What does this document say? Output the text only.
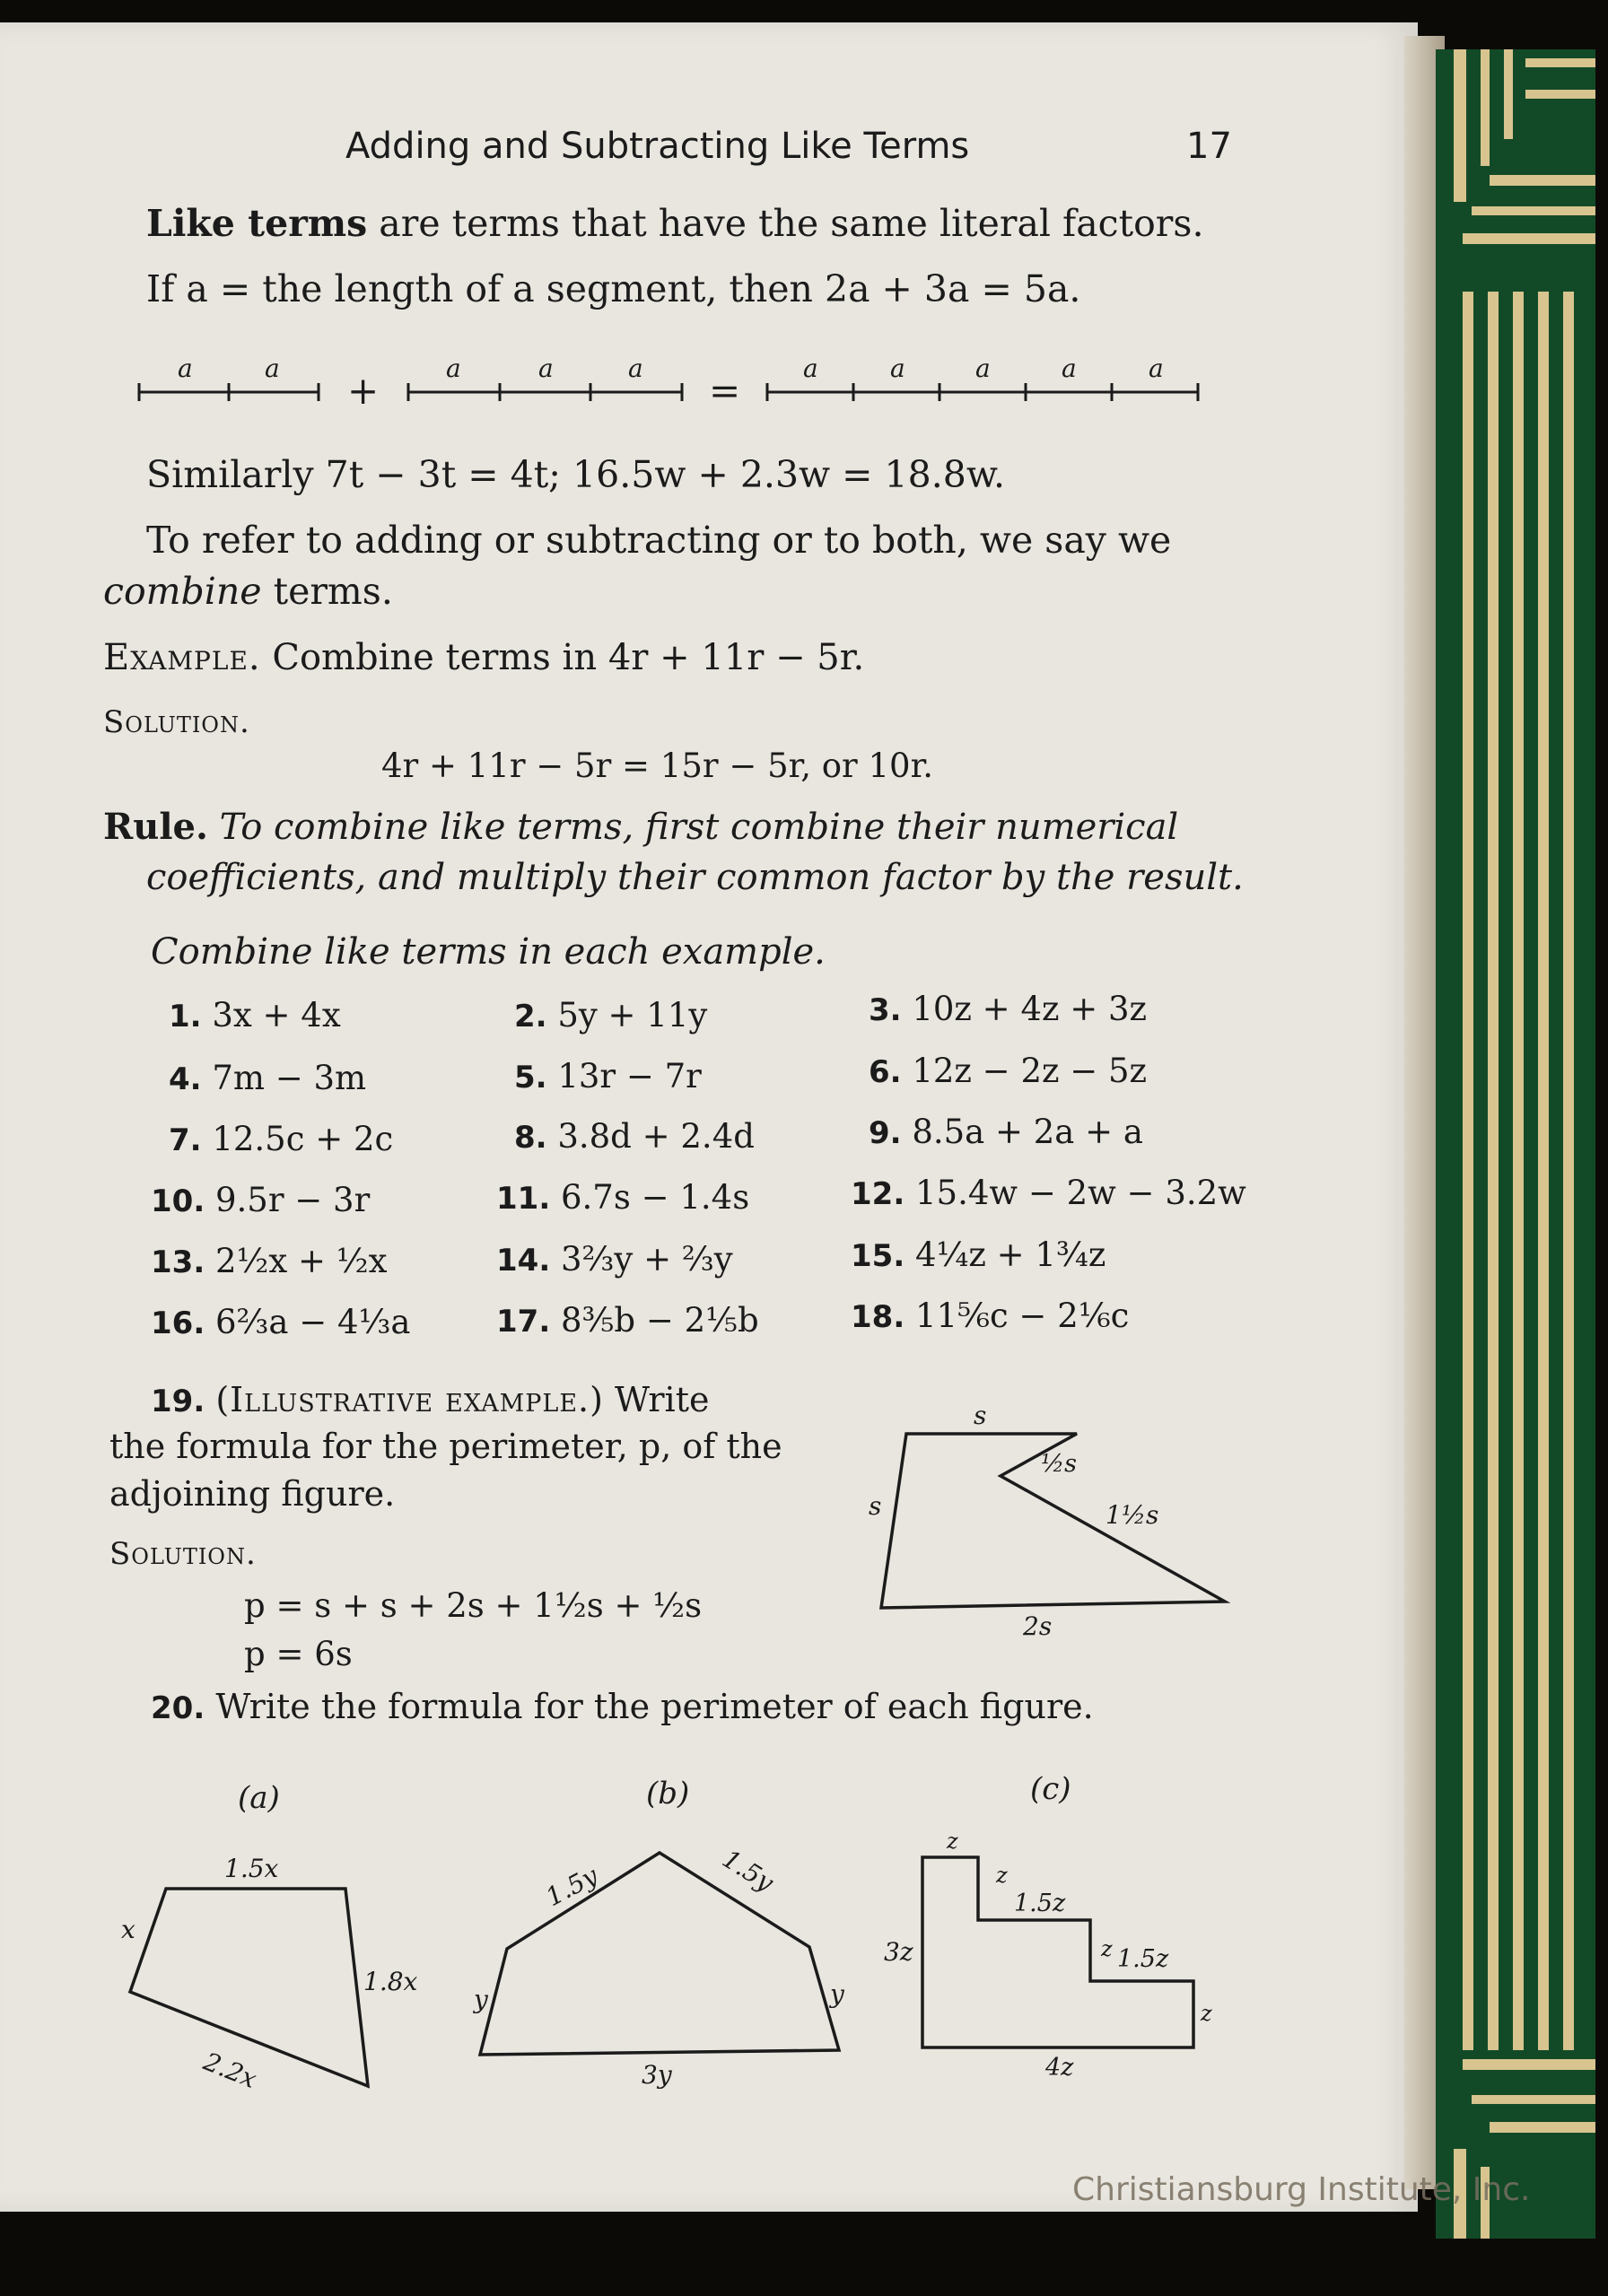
Adding and Subtracting Like Terms	17
Like terms are terms that have the same literal factors.
If a = the length of a segment, then 2a + 3a = 5a.
a	a	a	a	a	a	a	a	a	a
+	=
Similarly 7t − 3t = 4t; 16.5w + 2.3w = 18.8w.
To refer to adding or subtracting or to both, we say we
combine terms.
Example. Combine terms in 4r + 11r − 5r.
Solution.
4r + 11r − 5r = 15r − 5r, or 10r.
Rule. To combine like terms, first combine their numerical
coefficients, and multiply their common factor by the result.
Combine like terms in each example.
1. 3x + 4x	2. 5y + 11y	3. 10z + 4z + 3z
4. 7m − 3m	5. 13r − 7r	6. 12z − 2z − 5z
7. 12.5c + 2c	8. 3.8d + 2.4d	9. 8.5a + 2a + a
10. 9.5r − 3r	11. 6.7s − 1.4s	12. 15.4w − 2w − 3.2w
13. 2½x + ½x	14. 3⅔y + ⅔y	15. 4¼z + 1¾z
16. 6⅔a − 4⅓a	17. 8⅗b − 2⅕b	18. 11⅚c − 2⅙c
19. (Illustrative example.) Write
the formula for the perimeter, p, of the
adjoining figure.
Solution.
p = s + s + 2s + 1½s + ½s
p = 6s
s
s
½s
1½s
2s
20. Write the formula for the perimeter of each figure.
(a)
1.5x
x
1.8x
2.2x
(b)
1.5y	1.5y
y	y
3y
(c)
z
z
1.5z
3z	z 1.5z
z
4z
Christiansburg Institute, Inc.
